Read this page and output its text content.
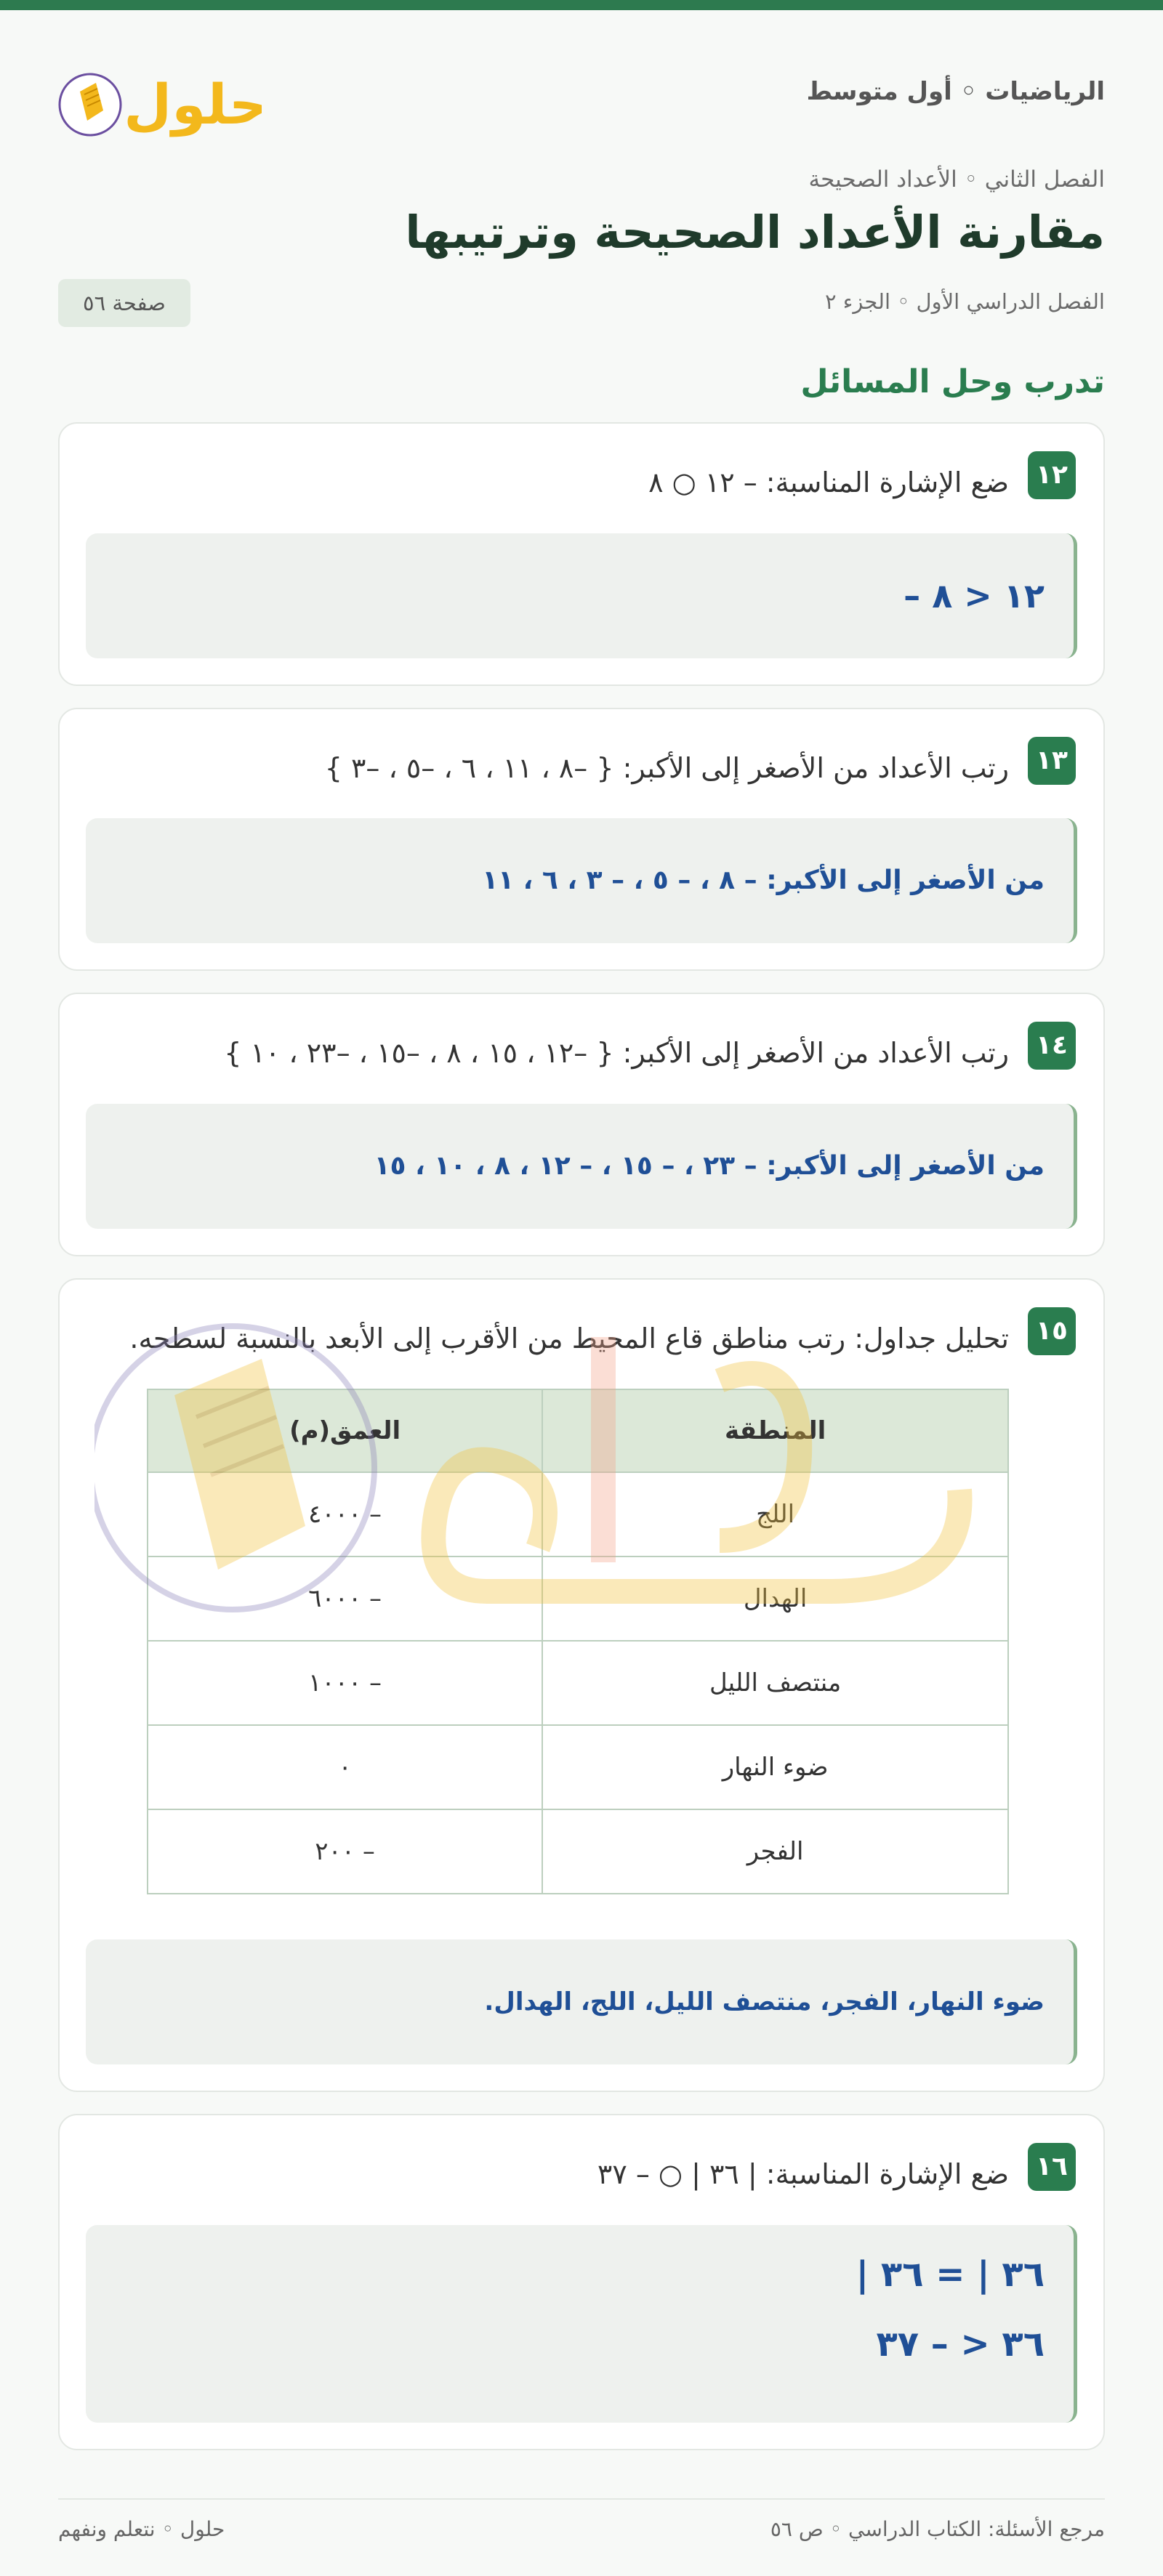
الرياضيات ◦ أول متوسط
حلول
الفصل الثاني ◦ الأعداد الصحيحة
مقارنة الأعداد الصحيحة وترتيبها
الفصل الدراسي الأول ◦ الجزء ٢
صفحة ٥٦
تدرب وحل المسائل
١٢
ضع الإشارة المناسبة: – ١٢ ○ ٨
– ١٢ < ٨
١٣
رتب الأعداد من الأصغر إلى الأكبر: { –٨ ، ١١ ، ٦ ، –٥ ، –٣ }
من الأصغر إلى الأكبر: – ٨ ، – ٥ ، – ٣ ، ٦ ، ١١
١٤
رتب الأعداد من الأصغر إلى الأكبر: { –١٢ ، ١٥ ، ٨ ، –١٥ ، –٢٣ ، ١٠ }
من الأصغر إلى الأكبر: – ٢٣ ، – ١٥ ، – ١٢ ، ٨ ، ١٠ ، ١٥
١٥
تحليل جداول: رتب مناطق قاع المحيط من الأقرب إلى الأبعد بالنسبة لسطحه.
المنطقة	العمق(م)
اللج	– ٤٠٠٠
الهدال	– ٦٠٠٠
منتصف الليل	– ١٠٠٠
ضوء النهار	٠
الفجر	– ٢٠٠
ضوء النهار، الفجر، منتصف الليل، اللج، الهدال.
١٦
ضع الإشارة المناسبة: | ٣٦ | ○ – ٣٧
| ٣٦ | = ٣٦
٣٦ < – ٣٧
مرجع الأسئلة: الكتاب الدراسي ◦ ص ٥٦
حلول ◦ نتعلم ونفهم
